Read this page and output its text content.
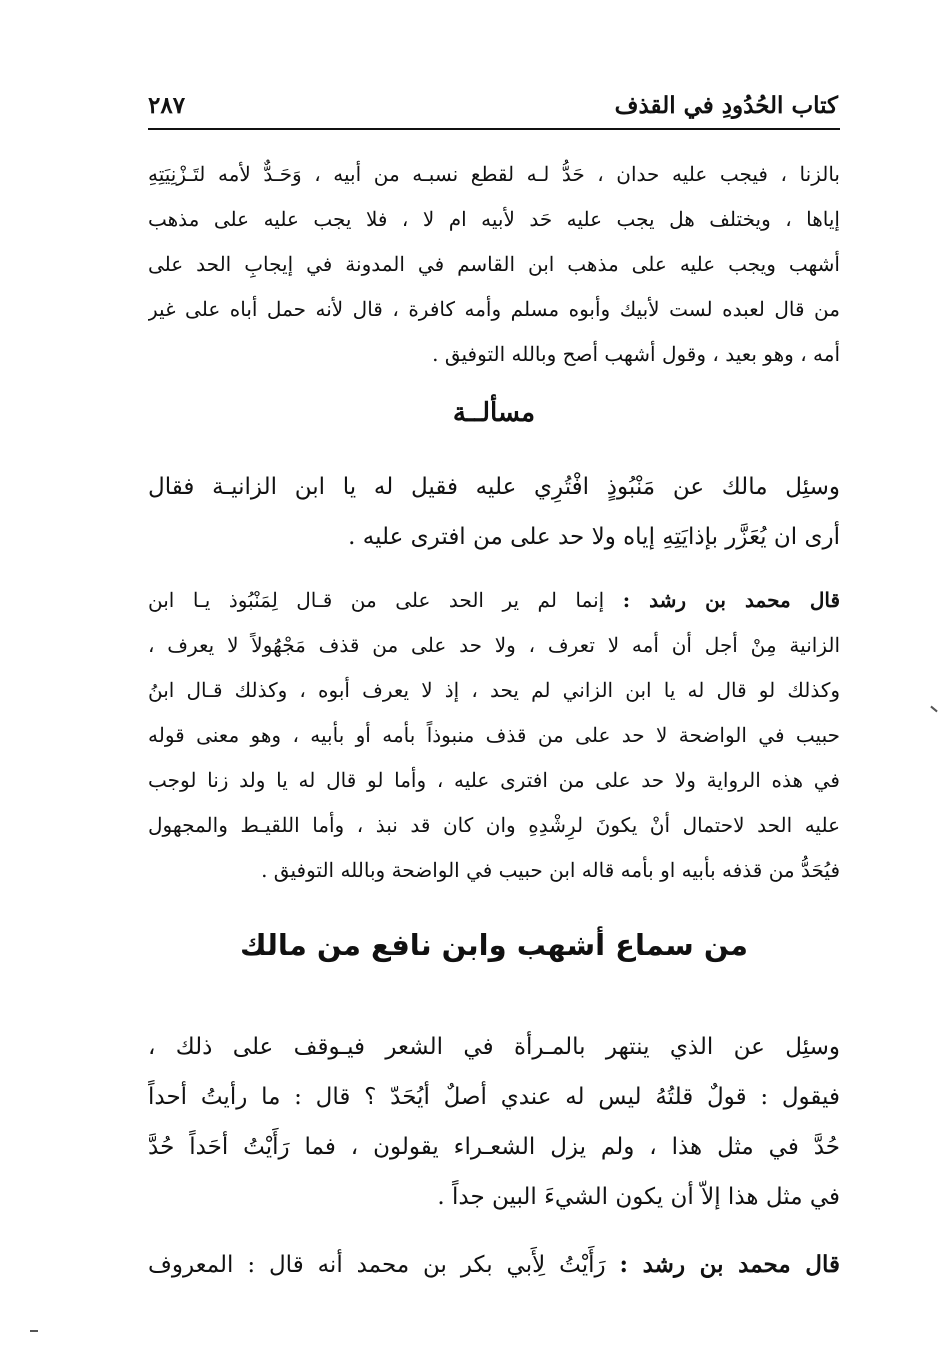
كتاب الحُدُودِ في القذف
٢٨٧
بالزنا ، فيجب عليه حدان ، حَدُّ لـه لقطع نسبـه من أبيه ، وَحَـدٌّ لأمه لتَـزْنِيَتِهِ
إياها ، ويختلف هل يجب عليه حَد لأبيه ام لا ، فلا يجب عليه على مذهب
أشهب ويجب عليه على مذهب ابن القاسم في المدونة في إيجابِ الحد على
من قال لعبده لست لأبيك وأبوه مسلم وأمه كافرة ، قال لأنه حمل أباه على غير
أمه ، وهو بعيد ، وقول أشهب أصح وبالله التوفيق .
مسألــة
وسئِل مالك عن مَنْبُوذٍ افْتُرِي عليه فقيل له يا ابن الزانيـة فقال
أرى ان يُعَزَّر بإذايَتِهِ إياه ولا حد على من افترى عليه .
قال محمد بن رشد : إنما لم ير الحد على من قـال لِمَنْبُوذ يـا ابن
الزانية مِنْ أجل أن أمه لا تعرف ، ولا حد على من قذف مَجْهُولاً لا يعرف ،
وكذلك لو قال له يا ابن الزاني لم يحد ، إذ لا يعرف أبوه ، وكذلك قـال ابنُ
حبيب في الواضحة لا حد على من قذف منبوذاً بأمه أو بأبيه ، وهو معنى قوله
في هذه الرواية ولا حد على من افترى عليه ، وأما لو قال له يا ولد زنا لوجب
عليه الحد لاحتمال أنْ يكونَ لرِشْدِهِ وان كان قد نبذ ، وأما اللقيـط والمجهول
فيُحَدُّ من قذفه بأبيه او بأمه قاله ابن حبيب في الواضحة وبالله التوفيق .
من سماع أشهب وابن نافع من مالك
وسئِل عن الذي ينتهر بالمـرأة في الشعر فيـوقف على ذلك ،
فيقول : قولٌ قلتُهُ ليس له عندي أصلٌ أيُحَدّ ؟ قال : ما رأيتُ أحداً
حُدَّ في مثل هذا ، ولم يزل الشعـراء يقولون ، فما رَأَيْتُ أحَداً حُدَّ
في مثل هذا إلاّ أن يكون الشيءَ البين جداً .
قال محمد بن رشد : رَأَيْتُ لِأَبي بكر بن محمد أنه قال : المعروف
